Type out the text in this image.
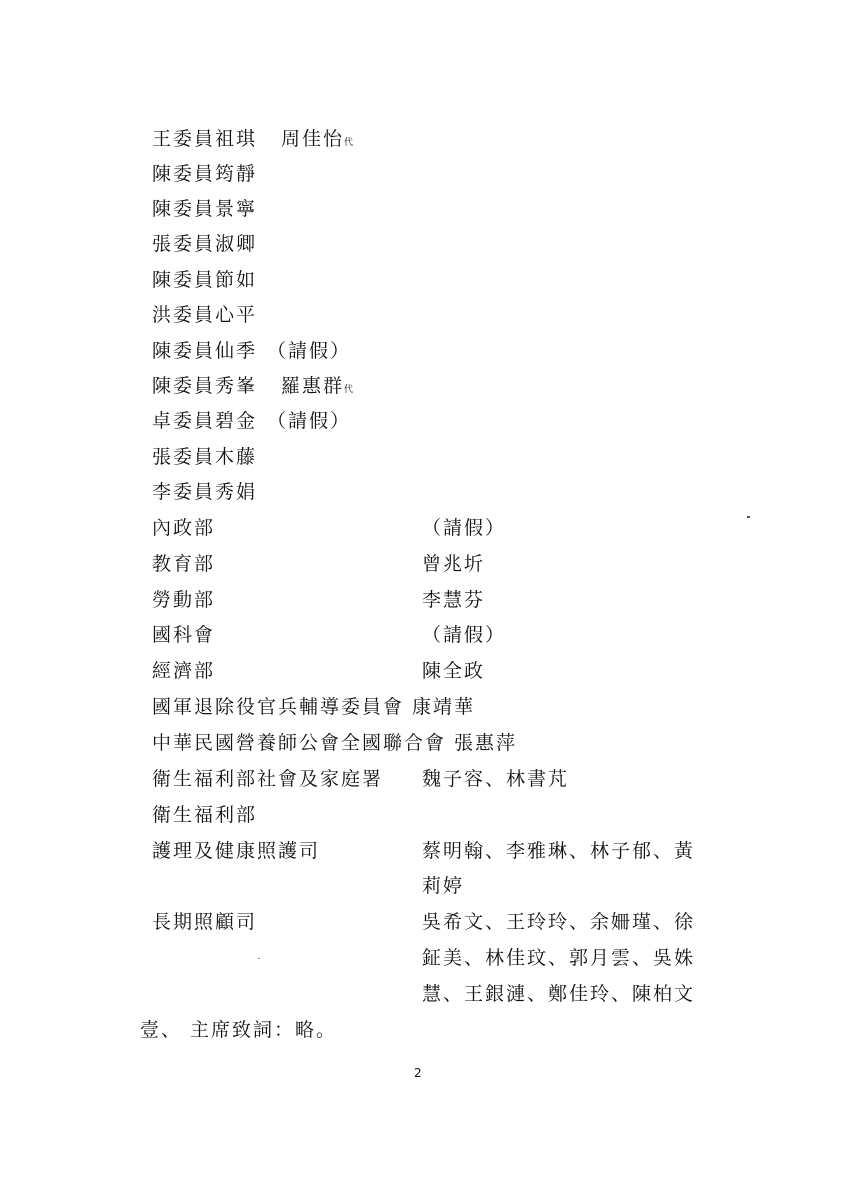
王委員祖琪 周佳怡代
陳委員筠靜
陳委員景寧
張委員淑卿
陳委員節如
洪委員心平
陳委員仙季 （請假）
陳委員秀峯 羅惠群代
卓委員碧金 （請假）
張委員木藤
李委員秀娟
內政部	（請假）
教育部	曾兆圻
勞動部	李慧芬
國科會	（請假）
經濟部	陳全政
國軍退除役官兵輔導委員會 康靖華
中華民國營養師公會全國聯合會 張惠萍
衛生福利部社會及家庭署 魏子容、林書芃
衛生福利部
護理及健康照護司	蔡明翰、李雅琳、林子郁、黃
莉婷
長期照顧司	吳希文、王玲玲、余姍瑾、徐
鉦美、林佳玟、郭月雲、吳姝
慧、王銀漣、鄭佳玲、陳柏文
壹、 主席致詞：略。
2
